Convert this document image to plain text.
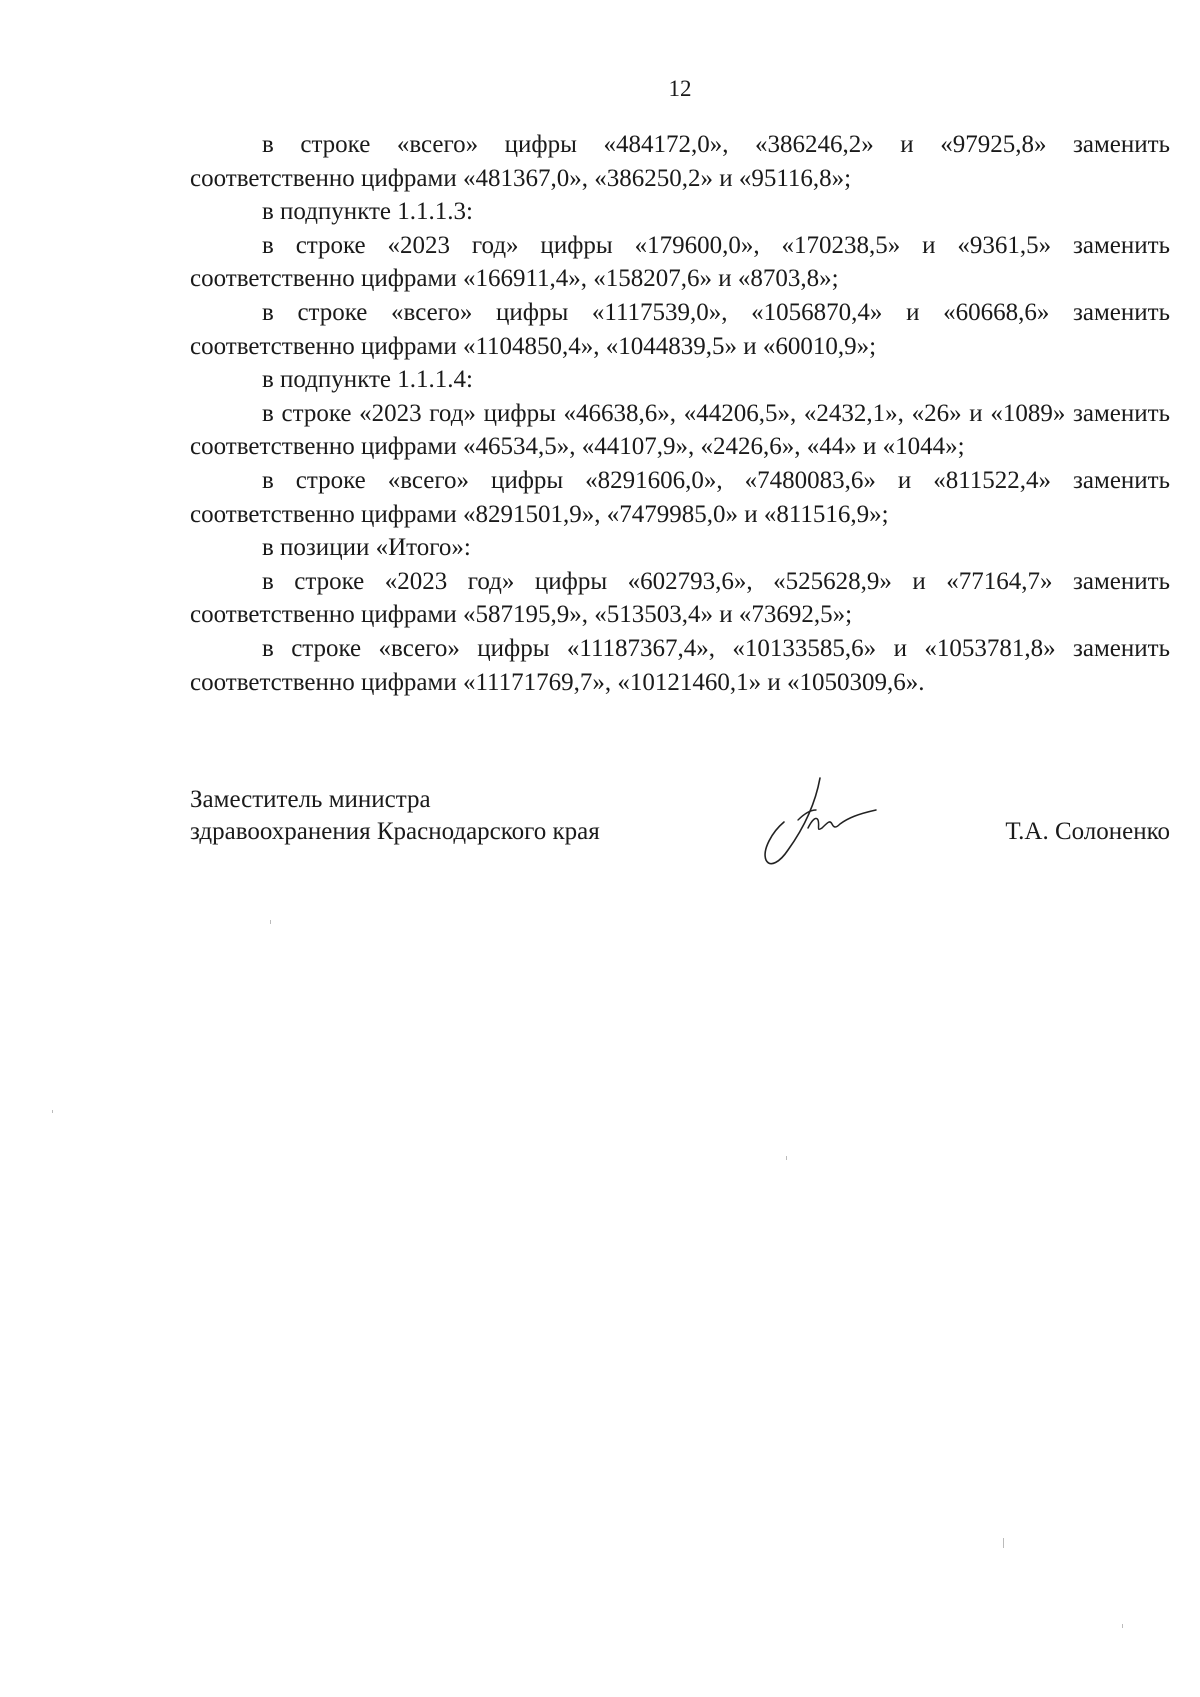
12

в строке «всего» цифры «484172,0», «386246,2» и «97925,8» заменить соответственно цифрами «481367,0», «386250,2» и «95116,8»;

в подпункте 1.1.1.3:

в строке «2023 год» цифры «179600,0», «170238,5» и «9361,5» заменить соответственно цифрами «166911,4», «158207,6» и «8703,8»;

в строке «всего» цифры «1117539,0», «1056870,4» и «60668,6» заменить соответственно цифрами «1104850,4», «1044839,5» и «60010,9»;

в подпункте 1.1.1.4:

в строке «2023 год» цифры «46638,6», «44206,5», «2432,1», «26» и «1089» заменить соответственно цифрами «46534,5», «44107,9», «2426,6», «44» и «1044»;

в строке «всего» цифры «8291606,0», «7480083,6» и «811522,4» заменить соответственно цифрами «8291501,9», «7479985,0» и «811516,9»;

в позиции «Итого»:

в строке «2023 год» цифры «602793,6», «525628,9» и «77164,7» заменить соответственно цифрами «587195,9», «513503,4» и «73692,5»;

в строке «всего» цифры «11187367,4», «10133585,6» и «1053781,8» заменить соответственно цифрами «11171769,7», «10121460,1» и «1050309,6».

Заместитель министра
здравоохранения Краснодарского края	Т.А. Солоненко
